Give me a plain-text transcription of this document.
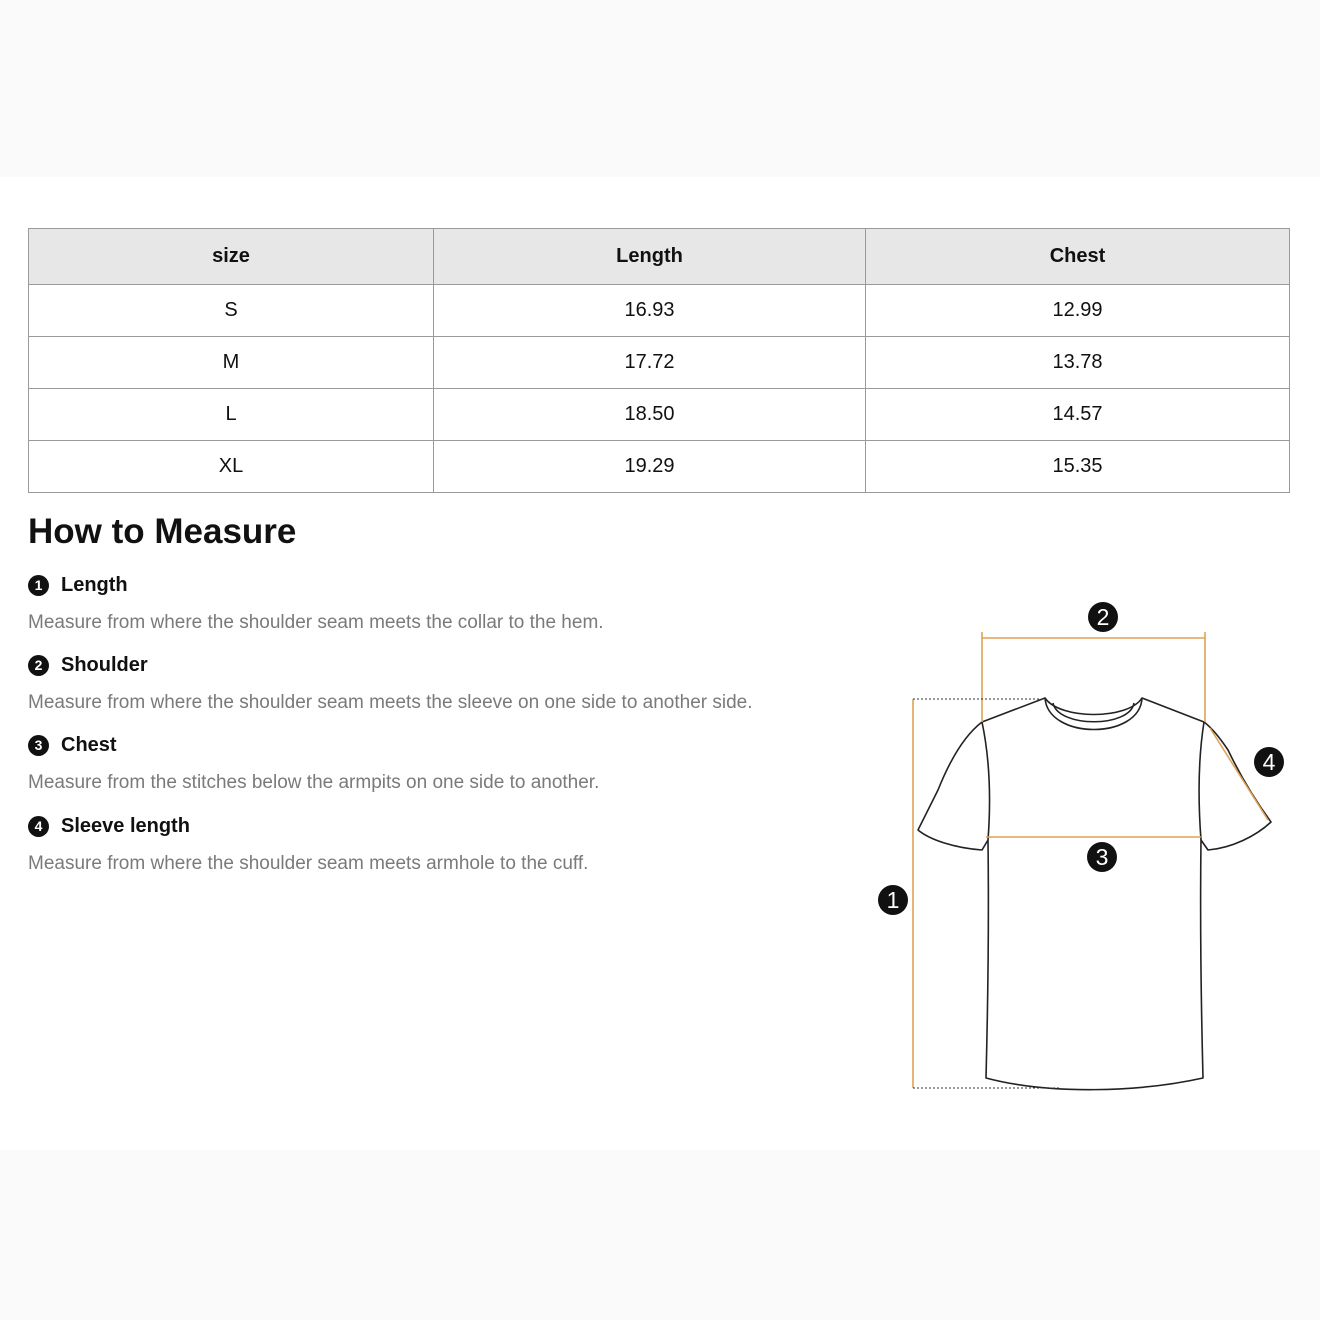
size	Length	Chest
S	16.93	12.99
M	17.72	13.78
L	18.50	14.57
XL	19.29	15.35
How to Measure
1 Length
Measure from where the shoulder seam meets the collar to the hem.
2 Shoulder
Measure from where the shoulder seam meets the sleeve on one side to another side.
3 Chest
Measure from the stitches below the armpits on one side to another.
4 Sleeve length
Measure from where the shoulder seam meets armhole to the cuff.
1
2
3
4
